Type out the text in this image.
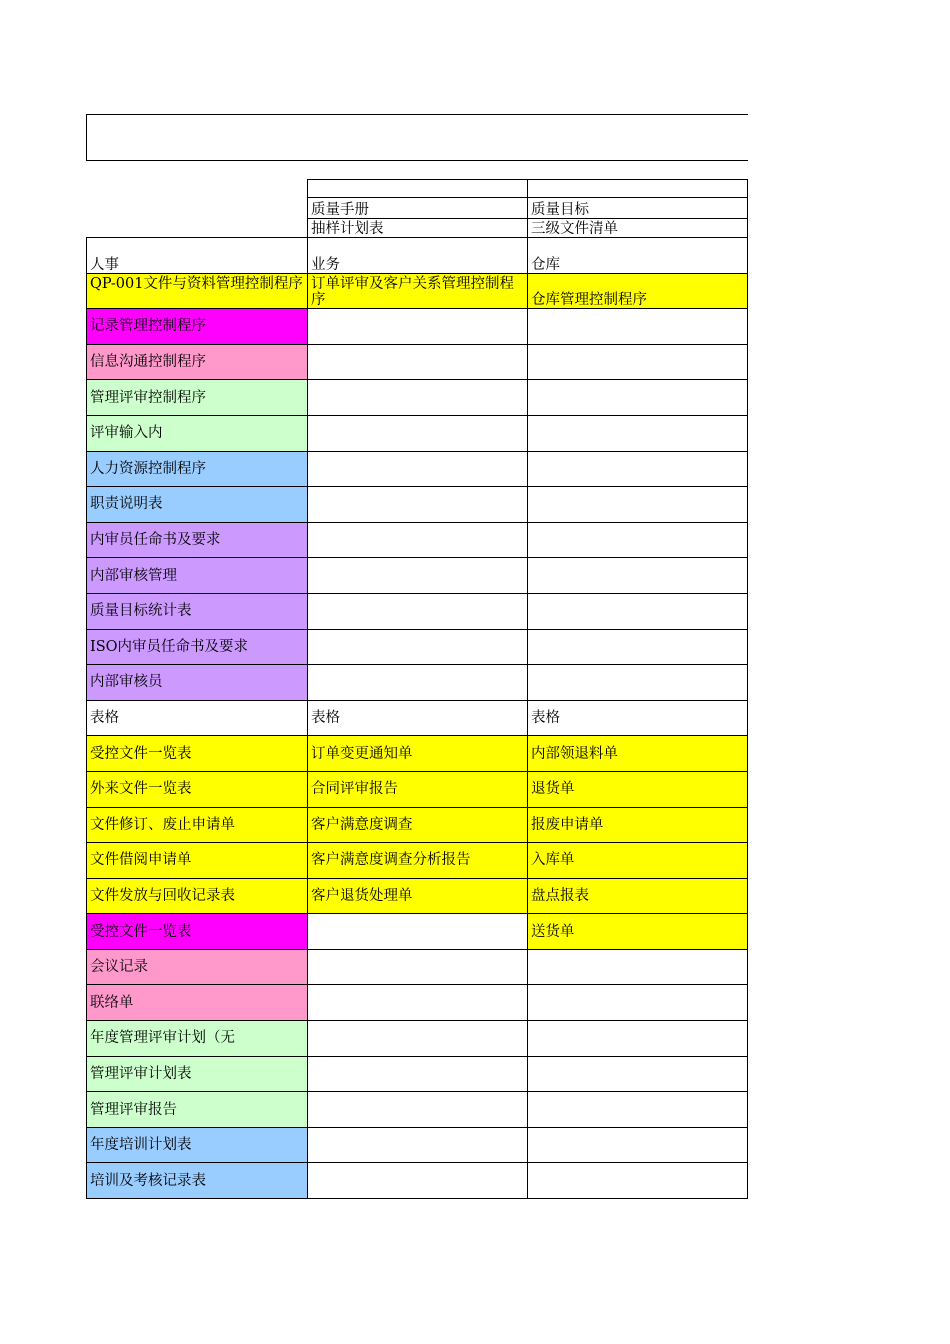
	质量手册	质量目标
	抽样计划表	三级文件清单
人事	业务	仓库
QP-001文件与资料管理控制程序	订单评审及客户关系管理控制程序	仓库管理控制程序
记录管理控制程序		
信息沟通控制程序		
管理评审控制程序		
评审输入内		
人力资源控制程序		
职责说明表		
内审员任命书及要求		
内部审核管理		
质量目标统计表		
ISO内审员任命书及要求		
内部审核员		
表格	表格	表格
受控文件一览表	订单变更通知单	内部领退料单
外来文件一览表	合同评审报告	退货单
文件修订、废止申请单	客户满意度调查	报废申请单
文件借阅申请单	客户满意度调查分析报告	入库单
文件发放与回收记录表	客户退货处理单	盘点报表
受控文件一览表		送货单
会议记录		
联络单		
年度管理评审计划（无		
管理评审计划表		
管理评审报告		
年度培训计划表		
培训及考核记录表		
